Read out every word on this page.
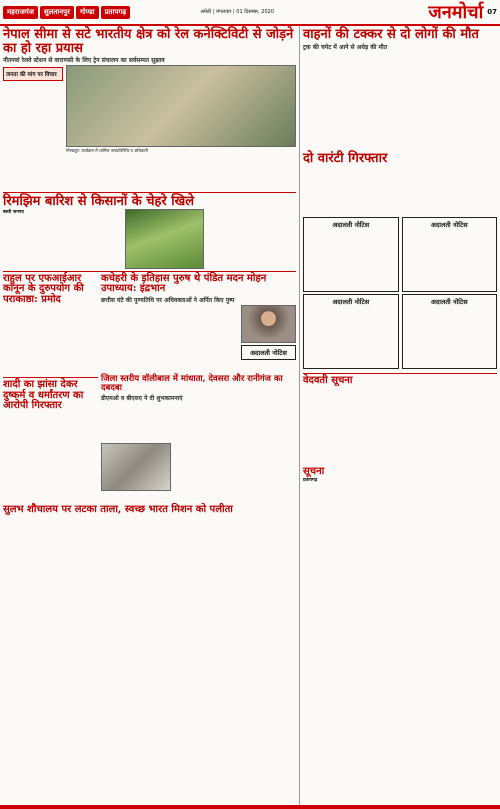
महराजगंज	सुलतानपुर	गोण्डा	प्रतापगढ़	अमेठी | मंगलवार | 01 दिसम्बर, 2020	जनमोर्चा 07
नेपाल सीमा से सटे भारतीय क्षेत्र को रेल कनेक्टिविटी से जोड़ने का हो रहा प्रयास
नौतनवां रेलवे स्टेशन से वाराणसी के लिए ट्रेन संचालन का सर्वसम्मत सुझाव
जनता की मांग पर विचार

गोरखपुर: कार्यक्रम में शामिल जनप्रतिनिधि व अधिकारी
रिमझिम बारिश से किसानों के चेहरे खिले
बस्ती जनपद
राहुल पर एफआईआर कानून के दुरुपयोग की पराकाष्ठा: प्रमोद
शादी का झांसा देकर दुष्कर्म व धर्मांतरण का आरोपी गिरफ्तार
कचेहरी के इतिहास पुरुष थे पंडित मदन मोहन उपाध्याय: इंद्रभान
छत्तीस घंटे की पुण्यतिथि पर अधिवक्ताओं ने अर्पित किए पुष्प
अदालती नोटिस
जिला स्तरीय वॉलीबाल में मांधाता, देवसरा और रानीगंज का दबदबा
डीएमओ व बीएसए ने दी शुभकामनाएं
सुलभ शौचालय पर लटका ताला, स्वच्छ भारत मिशन को पलीता
वाहनों की टक्कर से दो लोगों की मौत
ट्रक की चपेट में आने से अधेड़ की मौत
दो वारंटी गिरफ्तार
अदालती नोटिस
अदालती नोटिस
अदालती नोटिस
अदालती नोटिस
वेदवती सूचना
सूचना
प्रतापगढ़
